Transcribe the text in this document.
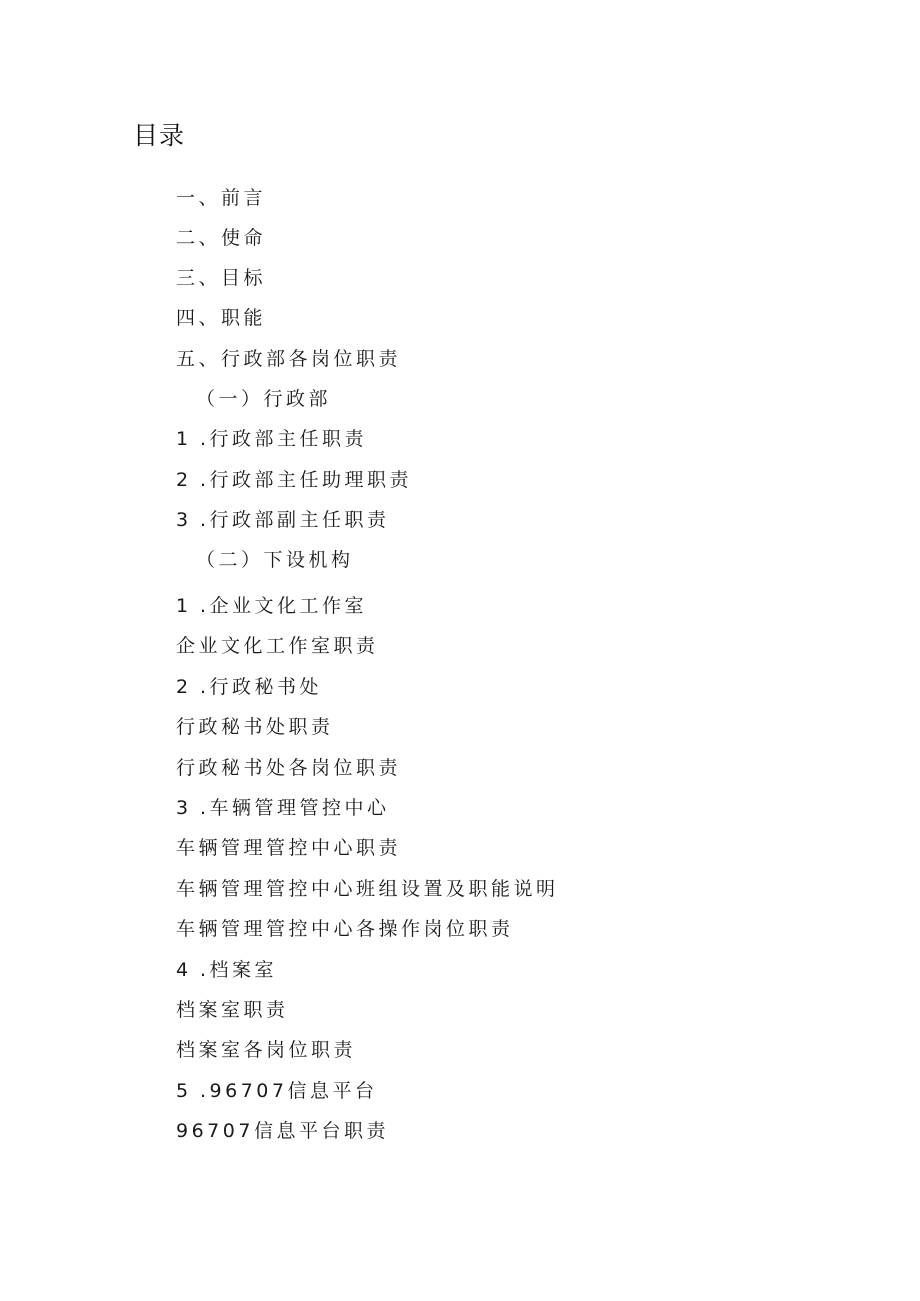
目录
一、前言
二、使命
三、目标
四、职能
五、行政部各岗位职责
（一）行政部
1 .行政部主任职责
2 .行政部主任助理职责
3 .行政部副主任职责
（二）下设机构
1 .企业文化工作室
企业文化工作室职责
2 .行政秘书处
行政秘书处职责
行政秘书处各岗位职责
3 .车辆管理管控中心
车辆管理管控中心职责
车辆管理管控中心班组设置及职能说明
车辆管理管控中心各操作岗位职责
4 .档案室
档案室职责
档案室各岗位职责
5 .96707信息平台
96707信息平台职责
